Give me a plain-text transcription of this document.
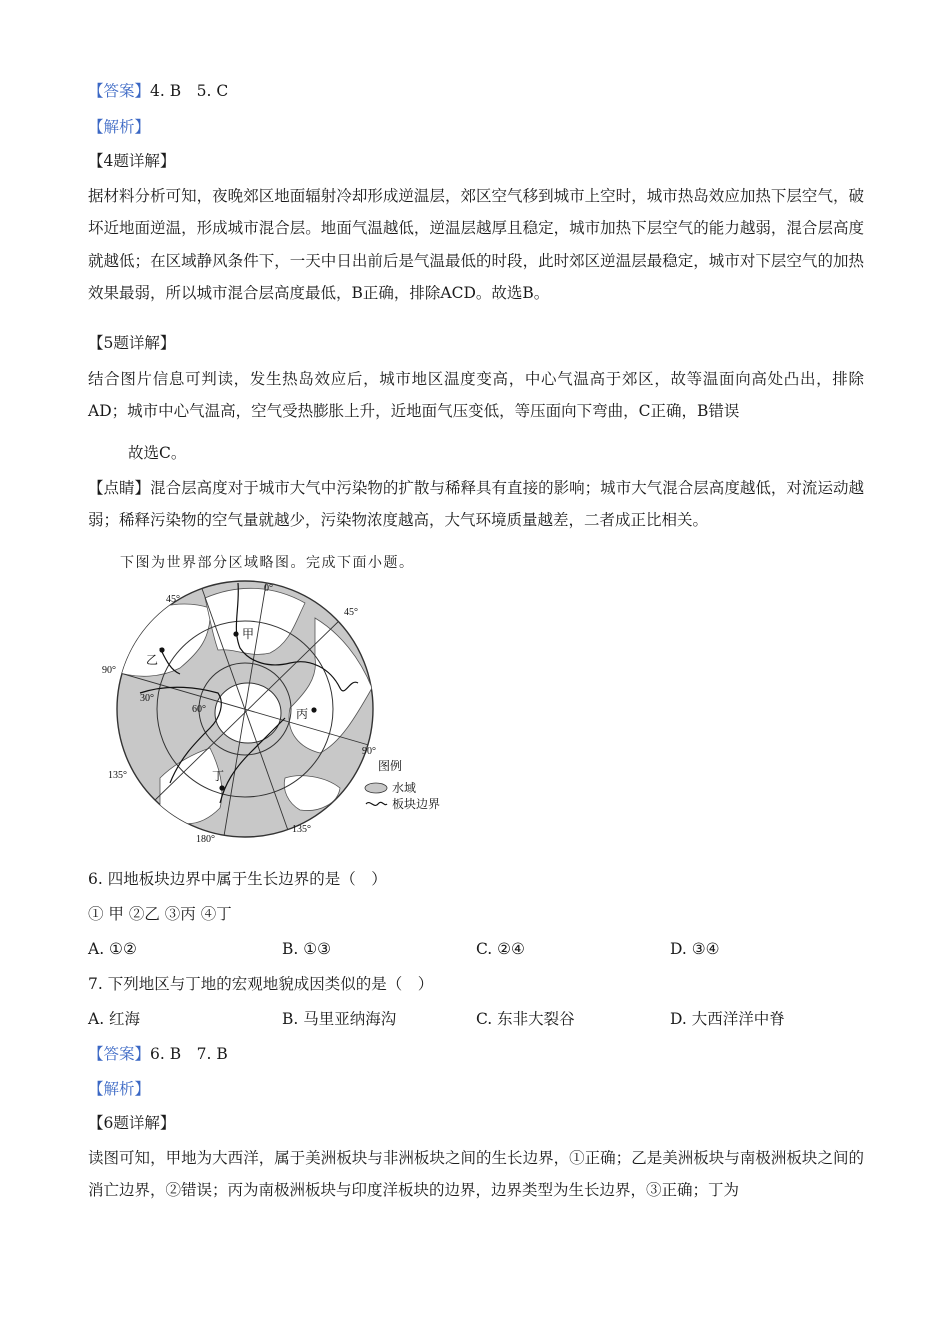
【答案】4. B　5. C
【解析】
【4题详解】
据材料分析可知，夜晚郊区地面辐射冷却形成逆温层，郊区空气移到城市上空时，城市热岛效应加热下层空气，破坏近地面逆温，形成城市混合层。地面气温越低，逆温层越厚且稳定，城市加热下层空气的能力越弱，混合层高度就越低；在区域静风条件下，一天中日出前后是气温最低的时段，此时郊区逆温层最稳定，城市对下层空气的加热效果最弱，所以城市混合层高度最低，B正确，排除ACD。故选B。
【5题详解】
结合图片信息可判读，发生热岛效应后，城市地区温度变高，中心气温高于郊区，故等温面向高处凸出，排除AD；城市中心气温高，空气受热膨胀上升，近地面气压变低，等压面向下弯曲，C正确，B错误
故选C。
【点睛】混合层高度对于城市大气中污染物的扩散与稀释具有直接的影响；城市大气混合层高度越低，对流运动越弱；稀释污染物的空气量就越少，污染物浓度越高，大气环境质量越差，二者成正比相关。
下图为世界部分区域略图。完成下面小题。
甲
乙
丙
丁
0°
45°
45°
90°
30°
60°
90°
135°
180°
135°
图例
水域
板块边界
6. 四地板块边界中属于生长边界的是（　）
① 甲 ②乙 ③丙 ④丁
A. ①②	B. ①③	C. ②④	D. ③④
7. 下列地区与丁地的宏观地貌成因类似的是（　）
A. 红海	B. 马里亚纳海沟	C. 东非大裂谷	D. 大西洋洋中脊
【答案】6. B　7. B
【解析】
【6题详解】
读图可知，甲地为大西洋，属于美洲板块与非洲板块之间的生长边界，①正确；乙是美洲板块与南极洲板块之间的消亡边界，②错误；丙为南极洲板块与印度洋板块的边界，边界类型为生长边界，③正确；丁为
